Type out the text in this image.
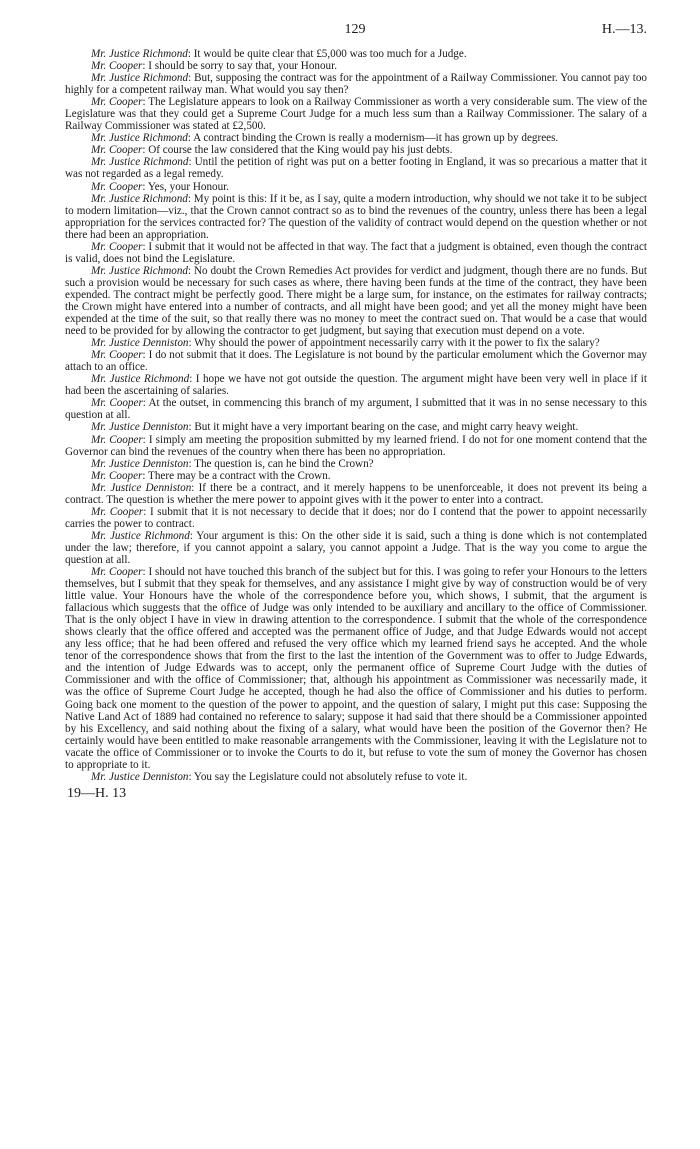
129	H.—13.

Mr. Justice Richmond: It would be quite clear that £5,000 was too much for a Judge.

Mr. Cooper: I should be sorry to say that, your Honour.

Mr. Justice Richmond: But, supposing the contract was for the appointment of a Railway Commissioner. You cannot pay too highly for a competent railway man. What would you say then?

Mr. Cooper: The Legislature appears to look on a Railway Commissioner as worth a very considerable sum. The view of the Legislature was that they could get a Supreme Court Judge for a much less sum than a Railway Commissioner. The salary of a Railway Commissioner was stated at £2,500.

Mr. Justice Richmond: A contract binding the Crown is really a modernism—it has grown up by degrees.

Mr. Cooper: Of course the law considered that the King would pay his just debts.

Mr. Justice Richmond: Until the petition of right was put on a better footing in England, it was so precarious a matter that it was not regarded as a legal remedy.

Mr. Cooper: Yes, your Honour.

Mr. Justice Richmond: My point is this: If it be, as I say, quite a modern introduction, why should we not take it to be subject to modern limitation—viz., that the Crown cannot contract so as to bind the revenues of the country, unless there has been a legal appropriation for the services contracted for? The question of the validity of contract would depend on the question whether or not there had been an appropriation.

Mr. Cooper: I submit that it would not be affected in that way. The fact that a judgment is obtained, even though the contract is valid, does not bind the Legislature.

Mr. Justice Richmond: No doubt the Crown Remedies Act provides for verdict and judgment, though there are no funds. But such a provision would be necessary for such cases as where, there having been funds at the time of the contract, they have been expended. The contract might be perfectly good. There might be a large sum, for instance, on the estimates for railway contracts; the Crown might have entered into a number of contracts, and all might have been good; and yet all the money might have been expended at the time of the suit, so that really there was no money to meet the contract sued on. That would be a case that would need to be provided for by allowing the contractor to get judgment, but saying that execution must depend on a vote.

Mr. Justice Denniston: Why should the power of appointment necessarily carry with it the power to fix the salary?

Mr. Cooper: I do not submit that it does. The Legislature is not bound by the particular emolument which the Governor may attach to an office.

Mr. Justice Richmond: I hope we have not got outside the question. The argument might have been very well in place if it had been the ascertaining of salaries.

Mr. Cooper: At the outset, in commencing this branch of my argument, I submitted that it was in no sense necessary to this question at all.

Mr. Justice Denniston: But it might have a very important bearing on the case, and might carry heavy weight.

Mr. Cooper: I simply am meeting the proposition submitted by my learned friend. I do not for one moment contend that the Governor can bind the revenues of the country when there has been no appropriation.

Mr. Justice Denniston: The question is, can he bind the Crown?

Mr. Cooper: There may be a contract with the Crown.

Mr. Justice Denniston: If there be a contract, and it merely happens to be unenforceable, it does not prevent its being a contract. The question is whether the mere power to appoint gives with it the power to enter into a contract.

Mr. Cooper: I submit that it is not necessary to decide that it does; nor do I contend that the power to appoint necessarily carries the power to contract.

Mr. Justice Richmond: Your argument is this: On the other side it is said, such a thing is done which is not contemplated under the law; therefore, if you cannot appoint a salary, you cannot appoint a Judge. That is the way you come to argue the question at all.

Mr. Cooper: I should not have touched this branch of the subject but for this. I was going to refer your Honours to the letters themselves, but I submit that they speak for themselves, and any assistance I might give by way of construction would be of very little value. Your Honours have the whole of the correspondence before you, which shows, I submit, that the argument is fallacious which suggests that the office of Judge was only intended to be auxiliary and ancillary to the office of Commissioner. That is the only object I have in view in drawing attention to the correspondence. I submit that the whole of the correspondence shows clearly that the office offered and accepted was the permanent office of Judge, and that Judge Edwards would not accept any less office; that he had been offered and refused the very office which my learned friend says he accepted. And the whole tenor of the correspondence shows that from the first to the last the intention of the Government was to offer to Judge Edwards, and the intention of Judge Edwards was to accept, only the permanent office of Supreme Court Judge with the duties of Commissioner and with the office of Commissioner; that, although his appointment as Commissioner was necessarily made, it was the office of Supreme Court Judge he accepted, though he had also the office of Commissioner and his duties to perform. Going back one moment to the question of the power to appoint, and the question of salary, I might put this case: Supposing the Native Land Act of 1889 had contained no reference to salary; suppose it had said that there should be a Commissioner appointed by his Excellency, and said nothing about the fixing of a salary, what would have been the position of the Governor then? He certainly would have been entitled to make reasonable arrangements with the Commissioner, leaving it with the Legislature not to vacate the office of Commissioner or to invoke the Courts to do it, but refuse to vote the sum of money the Governor has chosen to appropriate to it.

Mr. Justice Denniston: You say the Legislature could not absolutely refuse to vote it.

19—H. 13
